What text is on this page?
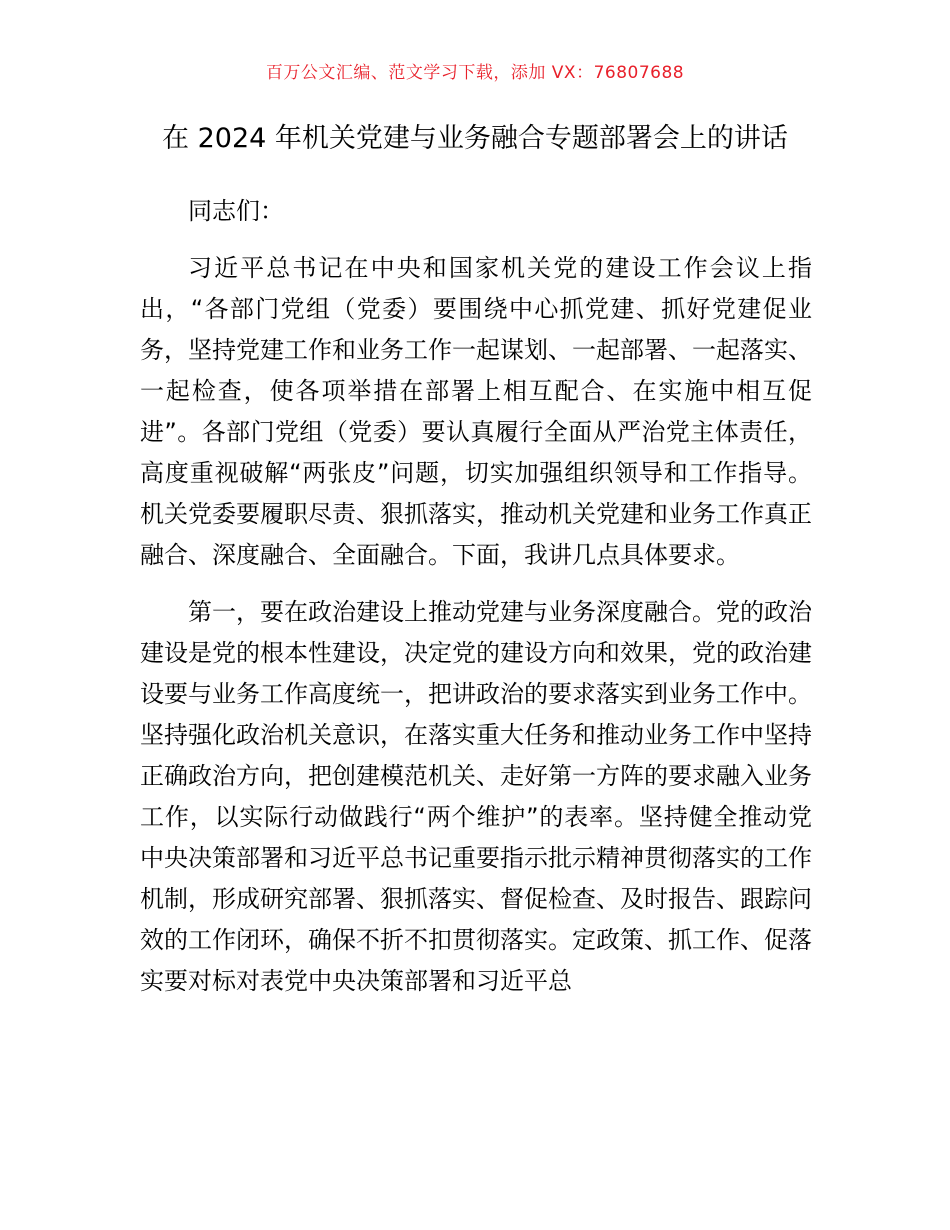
百万公文汇编、范文学习下载，添加 VX：76807688
在 2024 年机关党建与业务融合专题部署会上的讲话

同志们：

习近平总书记在中央和国家机关党的建设工作会议上指出，“各部门党组（党委）要围绕中心抓党建、抓好党建促业务，坚持党建工作和业务工作一起谋划、一起部署、一起落实、一起检查，使各项举措在部署上相互配合、在实施中相互促进”。各部门党组（党委）要认真履行全面从严治党主体责任，高度重视破解“两张皮”问题，切实加强组织领导和工作指导。机关党委要履职尽责、狠抓落实，推动机关党建和业务工作真正融合、深度融合、全面融合。下面，我讲几点具体要求。

第一，要在政治建设上推动党建与业务深度融合。党的政治建设是党的根本性建设，决定党的建设方向和效果，党的政治建设要与业务工作高度统一，把讲政治的要求落实到业务工作中。坚持强化政治机关意识，在落实重大任务和推动业务工作中坚持正确政治方向，把创建模范机关、走好第一方阵的要求融入业务工作，以实际行动做践行“两个维护”的表率。坚持健全推动党中央决策部署和习近平总书记重要指示批示精神贯彻落实的工作机制，形成研究部署、狠抓落实、督促检查、及时报告、跟踪问效的工作闭环，确保不折不扣贯彻落实。定政策、抓工作、促落实要对标对表党中央决策部署和习近平总
